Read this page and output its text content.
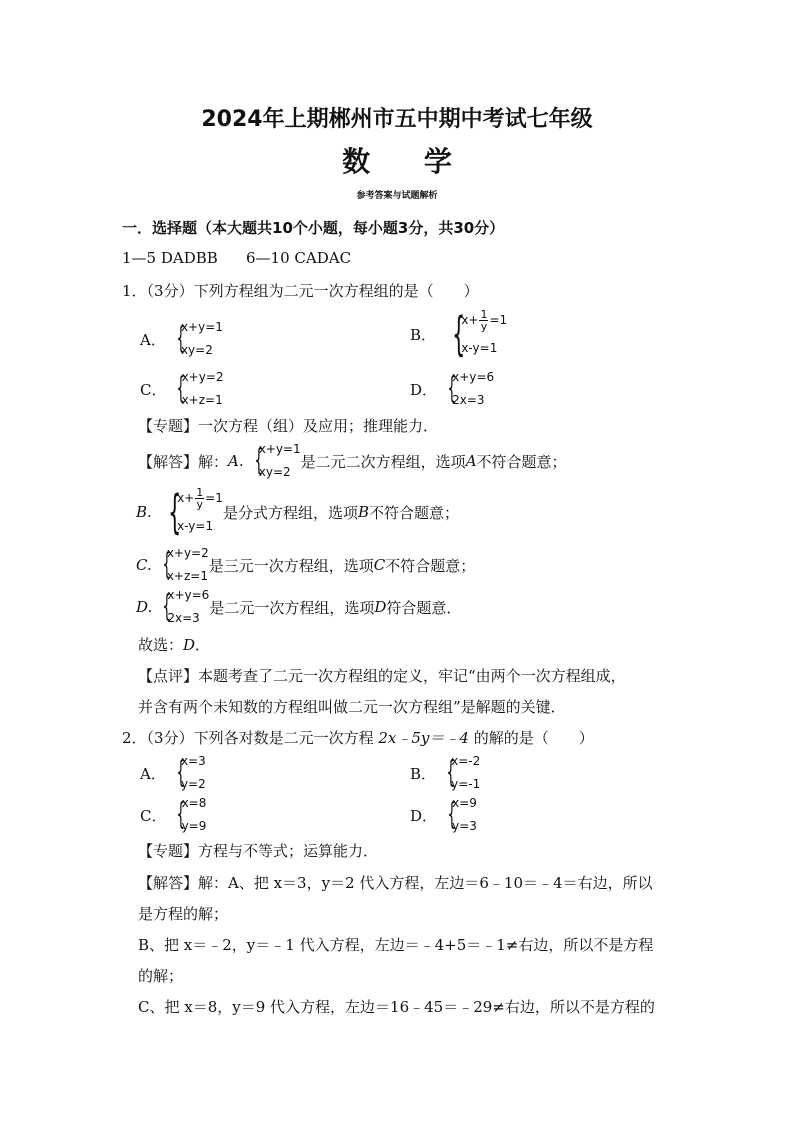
2024年上期郴州市五中期中考试七年级
数 学
参考答案与试题解析
一．选择题（本大题共10个小题，每小题3分，共30分）
1—5 DADBB 6—10 CADAC
1．（3分）下列方程组为二元一次方程组的是（　　）
A． {
x+y=1
xy=2
B． {
$x+ \frac{1}{y} =1$
x-y=1
C． {
x+y=2
x+z=1
D． {
x+y=6
2x=3
【专题】一次方程（组）及应用；推理能力．
【解答】解： A. {
x+y=1
xy=2
是二元二次方程组，选项 A 不符合题意；
B. {
$x+ \frac{1}{y} =1$
x-y=1
是分式方程组，选项 B 不符合题意；
C. {
x+y=2
x+z=1
是三元一次方程组，选项 C 不符合题意；
D. {
x+y=6
2x=3
是二元一次方程组，选项 D 符合题意．
故选：D．
【点评】本题考查了二元一次方程组的定义，牢记“由两个一次方程组成，
并含有两个未知数的方程组叫做二元一次方程组”是解题的关键．
2．（3分）下列各对数是二元一次方程 2x﹣5y＝﹣4 的解的是（　　）
A． {
x=3
y=2
B． {
x=-2
y=-1
C． {
x=8
y=9
D． {
x=9
y=3
【专题】方程与不等式；运算能力．
【解答】解：A、把 x＝3，y＝2 代入方程，左边＝6﹣10＝﹣4＝右边，所以
是方程的解；
B、把 x＝﹣2，y＝﹣1 代入方程，左边＝﹣4+5＝﹣1≠右边，所以不是方程
的解；
C、把 x＝8，y＝9 代入方程，左边＝16﹣45＝﹣29≠右边，所以不是方程的
